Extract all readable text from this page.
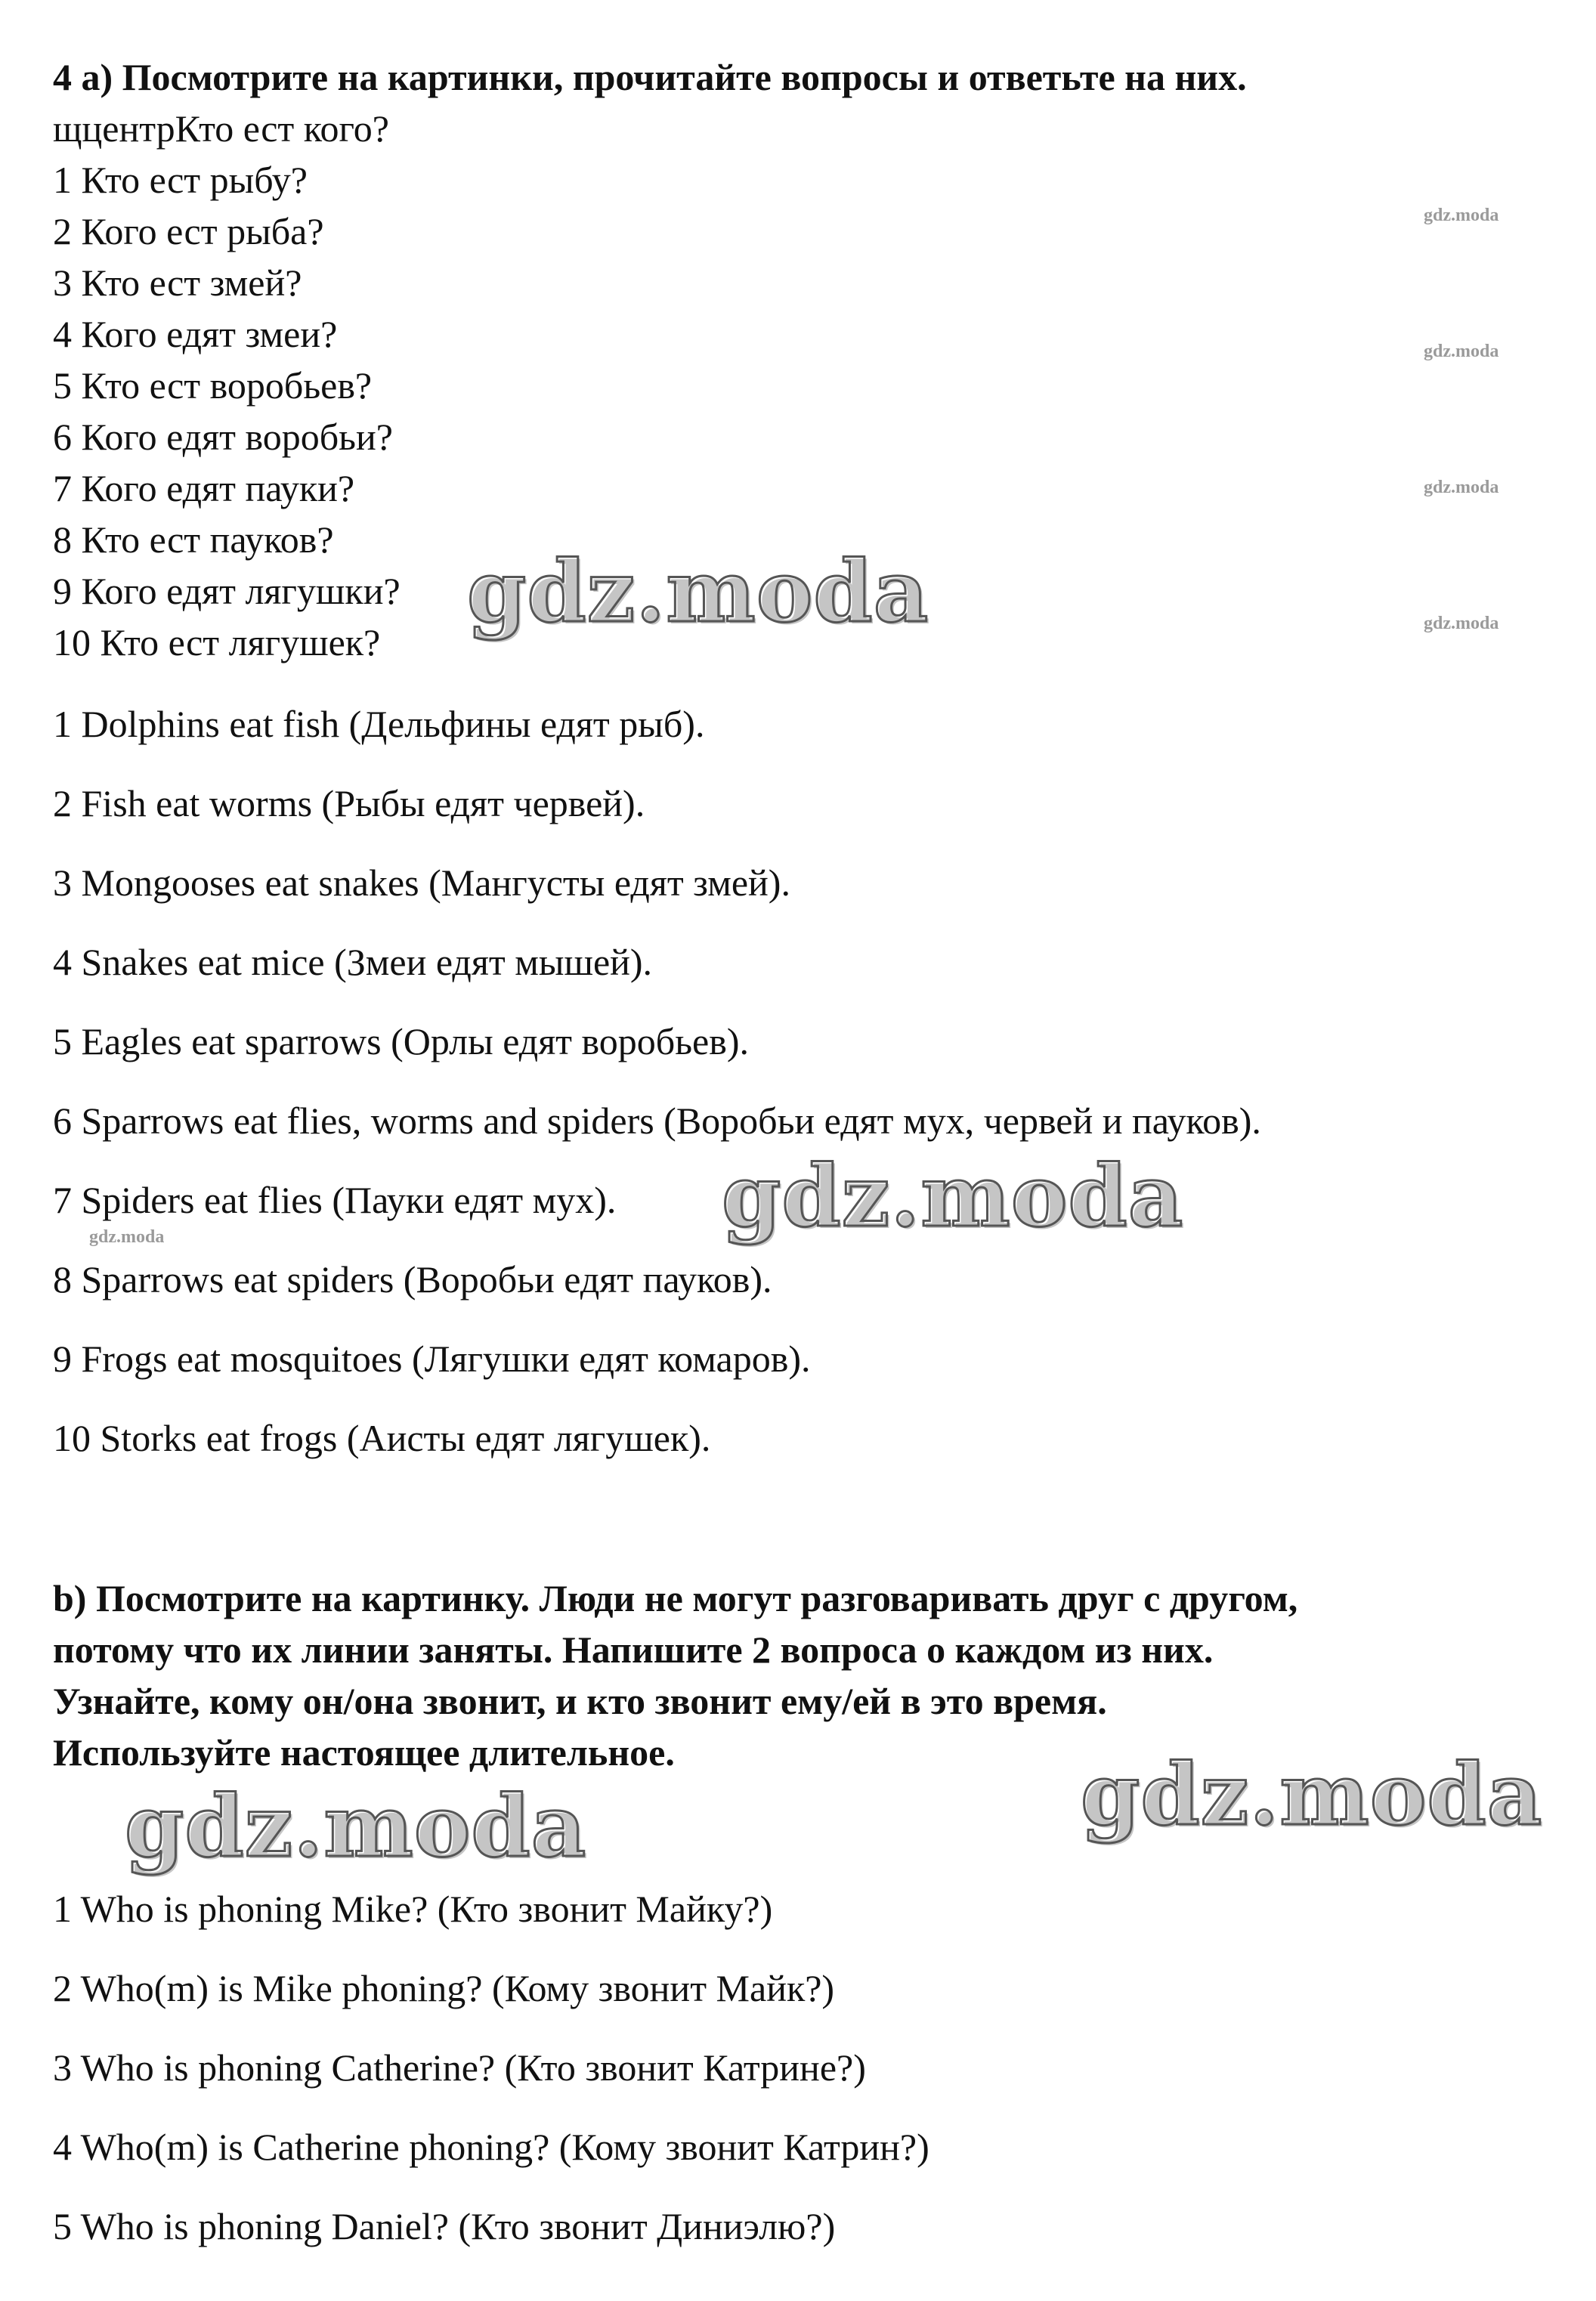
4 a) Посмотрите на картинки, прочитайте вопросы и ответьте на них.
щцентрКто ест кого?
1 Кто ест рыбу?
2 Кого ест рыба?
3 Кто ест змей?
4 Кого едят змеи?
5 Кто ест воробьев?
6 Кого едят воробьи?
7 Кого едят пауки?
8 Кто ест пауков?
9 Кого едят лягушки?
10 Кто ест лягушек?
1 Dolphins eat fish (Дельфины едят рыб).
2 Fish eat worms (Рыбы едят червей).
3 Mongooses eat snakes (Мангусты едят змей).
4 Snakes eat mice (Змеи едят мышей).
5 Eagles eat sparrows (Орлы едят воробьев).
6 Sparrows eat flies, worms and spiders (Воробьи едят мух, червей и пауков).
7 Spiders eat flies (Пауки едят мух).
8 Sparrows eat spiders (Воробьи едят пауков).
9 Frogs eat mosquitoes (Лягушки едят комаров).
10 Storks eat frogs (Аисты едят лягушек).
b) Посмотрите на картинку. Люди не могут разговаривать друг с другом,
потому что их линии заняты. Напишите 2 вопроса о каждом из них.
Узнайте, кому он/она звонит, и кто звонит ему/ей в это время.
Используйте настоящее длительное.
1 Who is phoning Mike? (Кто звонит Майку?)
2 Who(m) is Mike phoning? (Кому звонит Майк?)
3 Who is phoning Catherine? (Кто звонит Катрине?)
4 Who(m) is Catherine phoning? (Кому звонит Катрин?)
5 Who is phoning Daniel? (Кто звонит Диниэлю?)
gdz.moda
gdz.moda
gdz.moda
gdz.moda
gdz.moda
gdz.moda
gdz.moda
gdz.moda
gdz.moda
